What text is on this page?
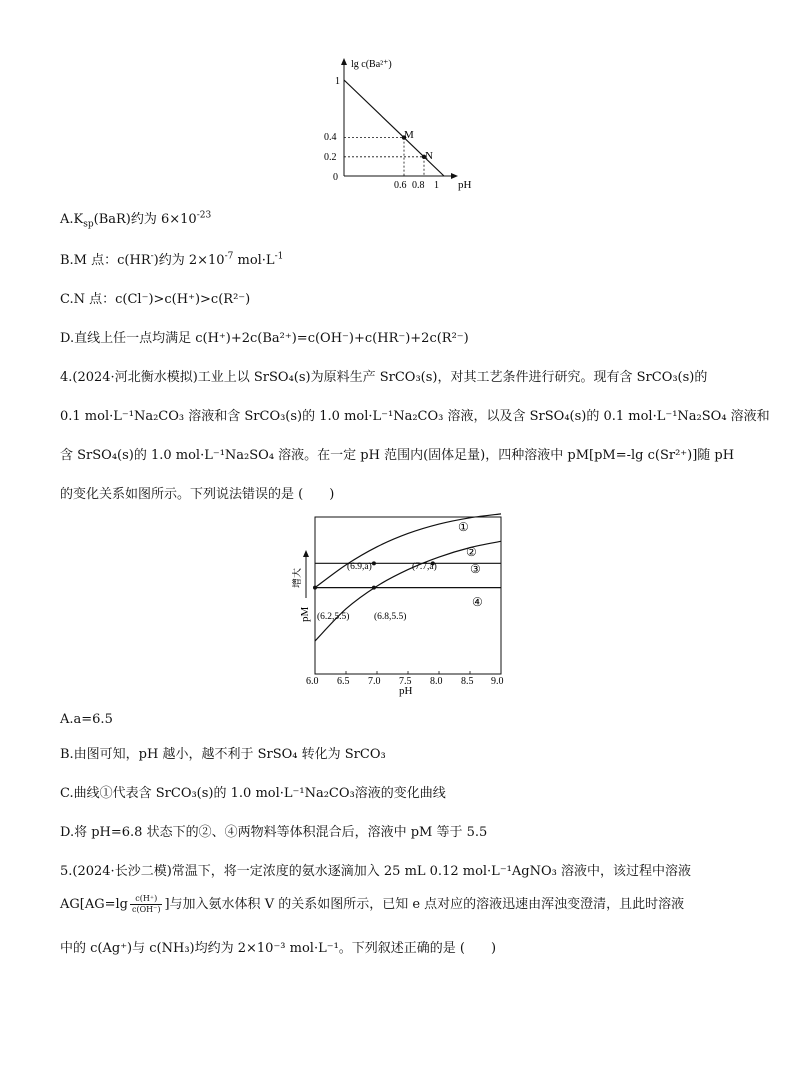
lg c(Ba²⁺)
pH
1
0.4
0.2
0
0.6 0.8 1
M
N
$A.K_{sp}(BaR)$约为 $6\times 10^{-23}$
B.M 点：c(HR-)约为 $2\times 10^{-7}$ $mol\cdot L^{-1}$
C.N 点：c(Cl⁻)>c(H⁺)>c(R²⁻)
D.直线上任一点均满足 c(H⁺)+2c(Ba²⁺)=c(OH⁻)+c(HR⁻)+2c(R²⁻)
4.(2024·河北衡水模拟)工业上以 SrSO₄(s)为原料生产 SrCO₃(s)，对其工艺条件进行研究。现有含 SrCO₃(s)的
0.1 mol·L⁻¹Na₂CO₃ 溶液和含 SrCO₃(s)的 1.0 mol·L⁻¹Na₂CO₃ 溶液，以及含 SrSO₄(s)的 0.1 mol·L⁻¹Na₂SO₄ 溶液和
含 SrSO₄(s)的 1.0 mol·L⁻¹Na₂SO₄ 溶液。在一定 pH 范围内(固体足量)，四种溶液中 pM[pM=-lg c(Sr²⁺)]随 pH
的变化关系如图所示。下列说法错误的是 (　　)
增大
pM
pH
①
②
③
④
(6.9,a)	(7.7,a)
(6.2,5.5)	(6.8,5.5)
6.0 6.5 7.0 7.5 8.0 8.5 9.0
A.a=6.5
B.由图可知，pH 越小，越不利于 SrSO₄ 转化为 SrCO₃
C.曲线①代表含 SrCO₃(s)的 1.0 mol·L⁻¹Na₂CO₃溶液的变化曲线
D.将 pH=6.8 状态下的②、④两物料等体积混合后，溶液中 pM 等于 5.5
5.(2024·长沙二模)常温下，将一定浓度的氨水逐滴加入 25 mL 0.12 mol·L⁻¹AgNO₃ 溶液中，该过程中溶液
$AG[AG=\lg \frac{c(H^+)}{c(OH^-)}$ ]与加入氨水体积 V 的关系如图所示，已知 e 点对应的溶液迅速由浑浊变澄清，且此时溶液
中的 c(Ag⁺)与 c(NH₃)均约为 2×10⁻³ mol·L⁻¹。下列叙述正确的是 (　　)
